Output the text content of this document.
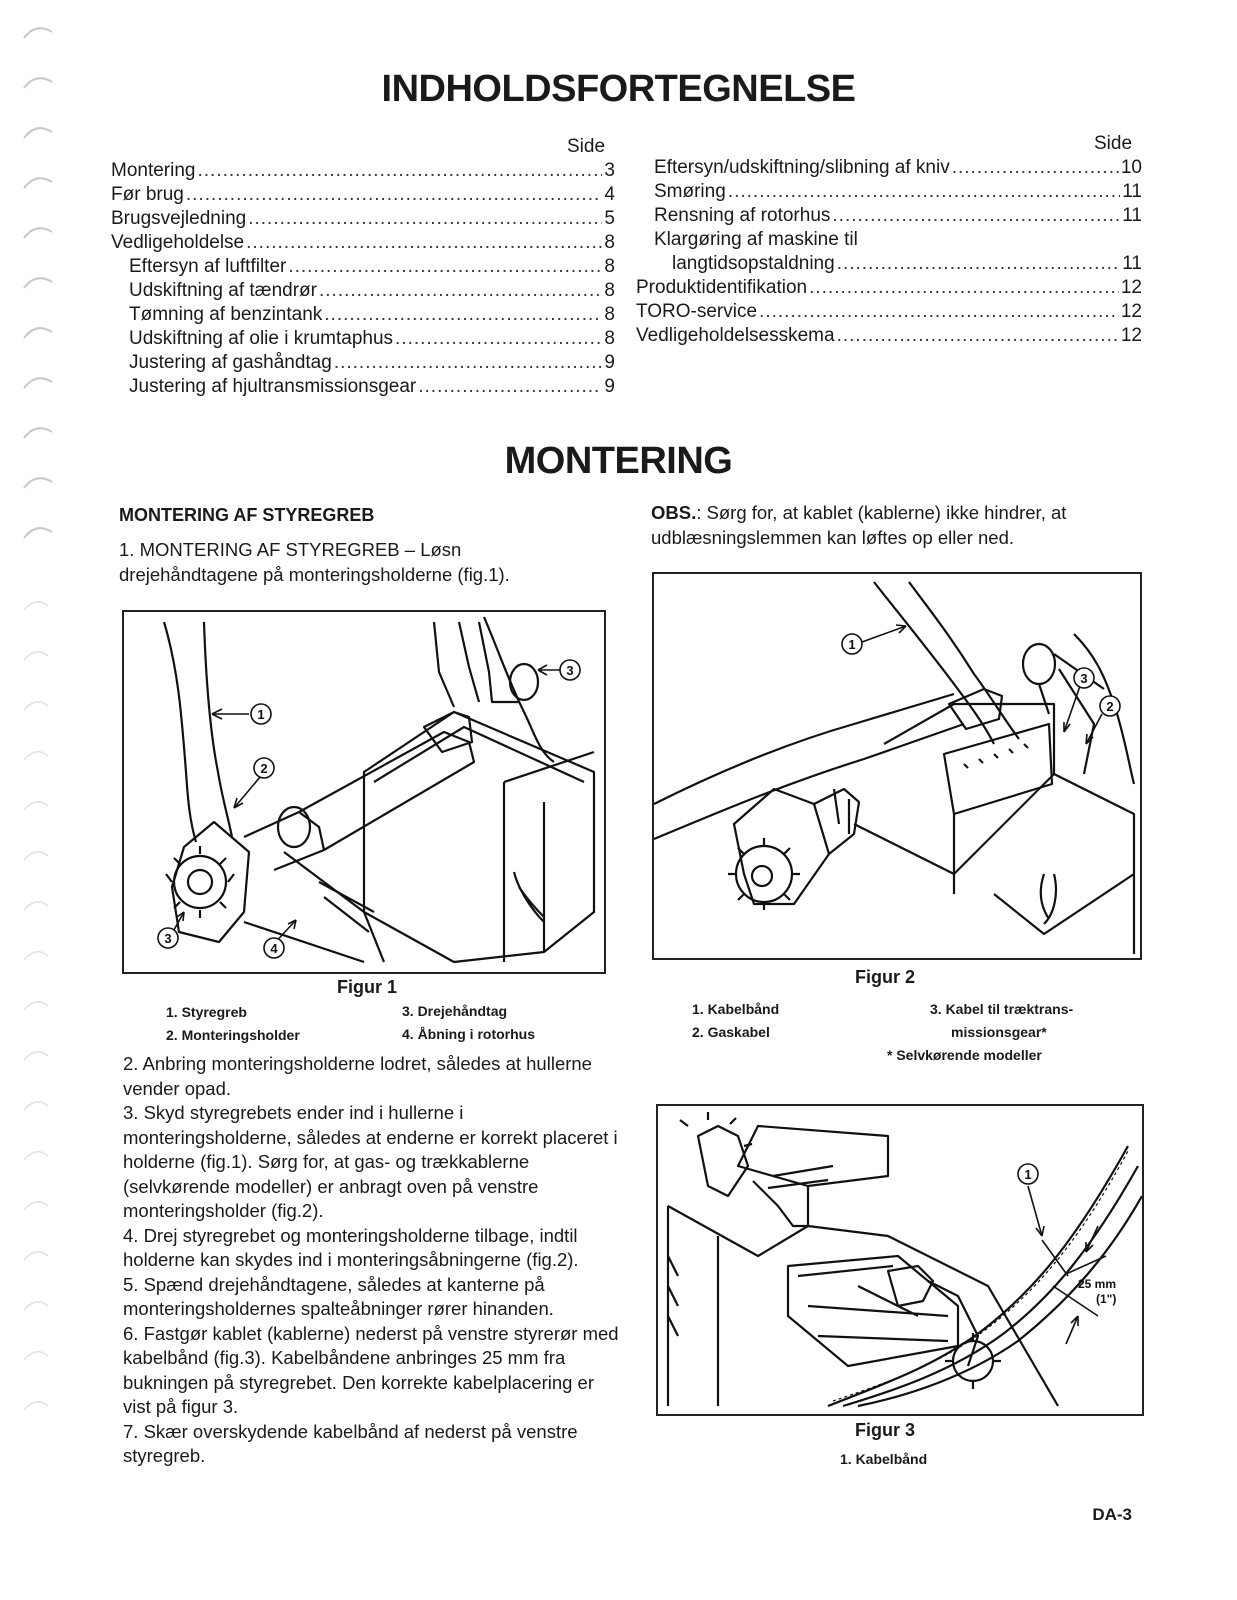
INDHOLDSFORTEGNELSE
Side	Side
Montering .....	3
Før brug .....	4
Brugsvejledning .....	5
Vedligeholdelse .....	8
Eftersyn af luftfilter .....	8
Udskiftning af tændrør .....	8
Tømning af benzintank .....	8
Udskiftning af olie i krumtaphus .....	8
Justering af gashåndtag .....	9
Justering af hjultransmissionsgear .....	9
Eftersyn/udskiftning/slibning af kniv .....	10
Smøring .....	11
Rensning af rotorhus .....	11
Klargøring af maskine til
langtidsopstaldning .....	11
Produktidentifikation .....	12
TORO-service .....	12
Vedligeholdelsesskema .....	12
MONTERING
MONTERING AF STYREGREB
1. MONTERING AF STYREGREB – Løsn drejehåndtagene på monteringsholderne (fig.1).
OBS.: Sørg for, at kablet (kablerne) ikke hindrer, at udblæsningslemmen kan løftes op eller ned.
1
2
3
4
3
Figur 1
1. Styregreb
2. Monteringsholder
3. Drejehåndtag
4. Åbning i rotorhus
2. Anbring monteringsholderne lodret, således at hullerne vender opad.
3. Skyd styregrebets ender ind i hullerne i monteringsholderne, således at enderne er korrekt placeret i holderne (fig.1). Sørg for, at gas- og trækkablerne (selvkørende modeller) er anbragt oven på venstre monteringsholder (fig.2).
4. Drej styregrebet og monteringsholderne tilbage, indtil holderne kan skydes ind i monteringsåbningerne (fig.2).
5. Spænd drejehåndtagene, således at kanterne på monteringsholdernes spalteåbninger rører hinanden.
6. Fastgør kablet (kablerne) nederst på venstre styrerør med kabelbånd (fig.3). Kabelbåndene anbringes 25 mm fra bukningen på styregrebet. Den korrekte kabelplacering er vist på figur 3.
7. Skær overskydende kabelbånd af nederst på venstre styregreb.
1
3
2
Figur 2
1. Kabelbånd
2. Gaskabel
3. Kabel til træktrans-
missionsgear*
* Selvkørende modeller
1
25 mm
(1")
Figur 3
1. Kabelbånd
DA-3
